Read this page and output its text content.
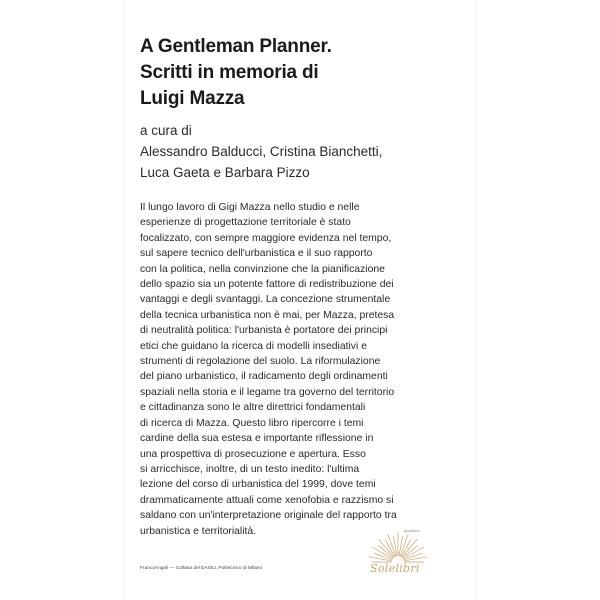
A Gentleman Planner.
Scritti in memoria di
Luigi Mazza
a cura di
Alessandro Balducci, Cristina Bianchetti,
Luca Gaeta e Barbara Pizzo
Il lungo lavoro di Gigi Mazza nello studio e nelle
esperienze di progettazione territoriale è stato
focalizzato, con sempre maggiore evidenza nel tempo,
sul sapere tecnico dell'urbanistica e il suo rapporto
con la politica, nella convinzione che la pianificazione
dello spazio sia un potente fattore di redistribuzione dei
vantaggi e degli svantaggi. La concezione strumentale
della tecnica urbanistica non è mai, per Mazza, pretesa
di neutralità politica: l'urbanista è portatore dei principi
etici che guidano la ricerca di modelli insediativi e
strumenti di regolazione del suolo. La riformulazione
del piano urbanistico, il radicamento degli ordinamenti
spaziali nella storia e il legame tra governo del territorio
e cittadinanza sono le altre direttrici fondamentali
di ricerca di Mazza. Questo libro ripercorre i temi
cardine della sua estesa e importante riflessione in
una prospettiva di prosecuzione e apertura. Esso
si arricchisce, inoltre, di un testo inedito: l'ultima
lezione del corso di urbanistica del 1999, dove temi
drammaticamente attuali come xenofobia e razzismo si
saldano con un'interpretazione originale del rapporto tra
urbanistica e territorialità.
FrancoAngeli — Collana del DAStU, Politecnico di Milano
quaderni
Solelibri
